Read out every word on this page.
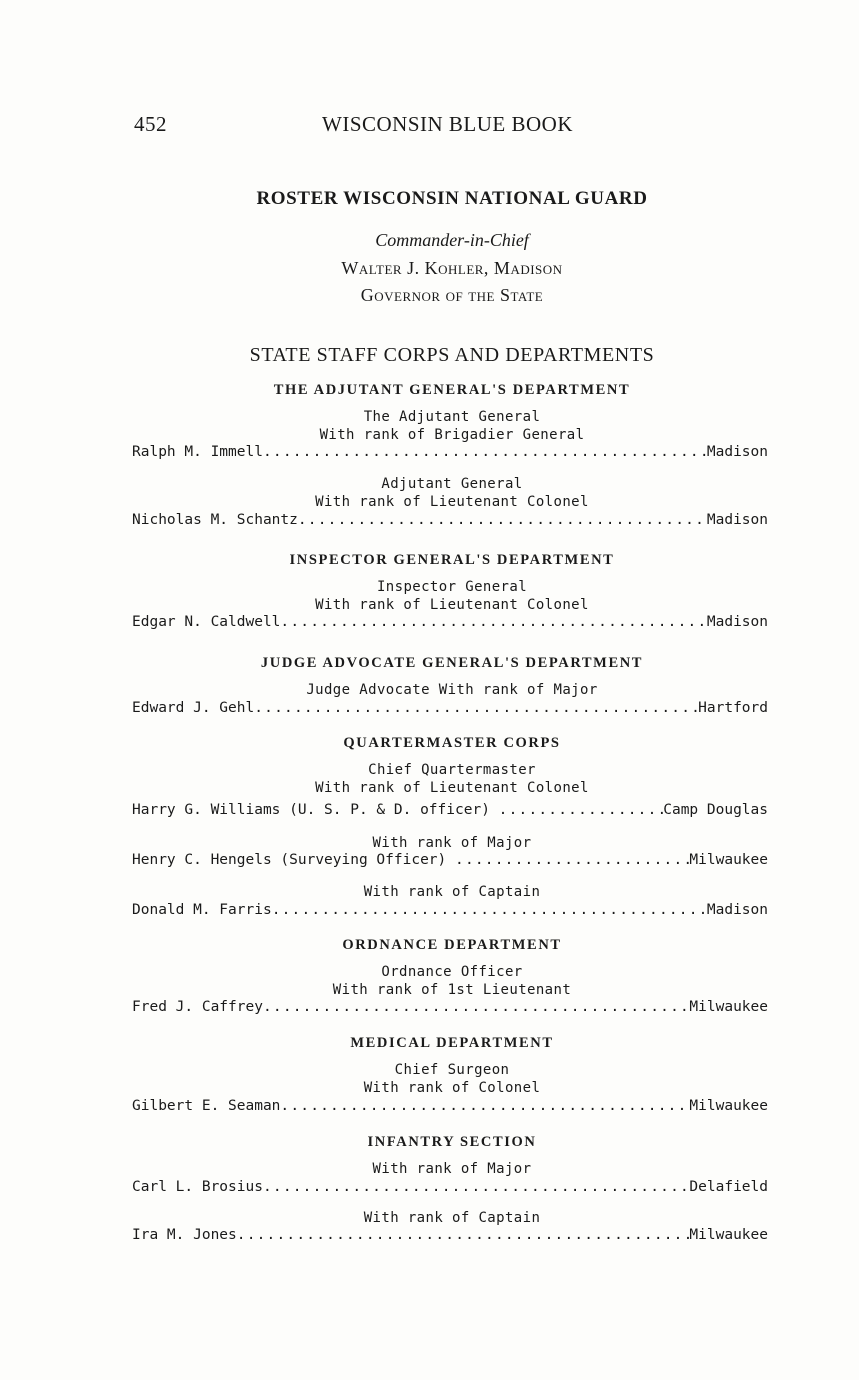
452	WISCONSIN BLUE BOOK
ROSTER WISCONSIN NATIONAL GUARD
Commander-in-Chief
Walter J. Kohler, Madison
Governor of the State
STATE STAFF CORPS AND DEPARTMENTS
THE ADJUTANT GENERAL'S DEPARTMENT
The Adjutant General
With rank of Brigadier General
Ralph M. Immell .....	Madison
Adjutant General
With rank of Lieutenant Colonel
Nicholas M. Schantz .....	Madison
INSPECTOR GENERAL'S DEPARTMENT
Inspector General
With rank of Lieutenant Colonel
Edgar N. Caldwell .....	Madison
JUDGE ADVOCATE GENERAL'S DEPARTMENT
Judge Advocate With rank of Major
Edward J. Gehl .....	Hartford
QUARTERMASTER CORPS
Chief Quartermaster
With rank of Lieutenant Colonel
Harry G. Williams (U. S. P. & D. officer) .....	Camp Douglas
With rank of Major
Henry C. Hengels (Surveying Officer) .....	Milwaukee
With rank of Captain
Donald M. Farris .....	Madison
ORDNANCE DEPARTMENT
Ordnance Officer
With rank of 1st Lieutenant
Fred J. Caffrey .....	Milwaukee
MEDICAL DEPARTMENT
Chief Surgeon
With rank of Colonel
Gilbert E. Seaman .....	Milwaukee
INFANTRY SECTION
With rank of Major
Carl L. Brosius .....	Delafield
With rank of Captain
Ira M. Jones .....	Milwaukee
